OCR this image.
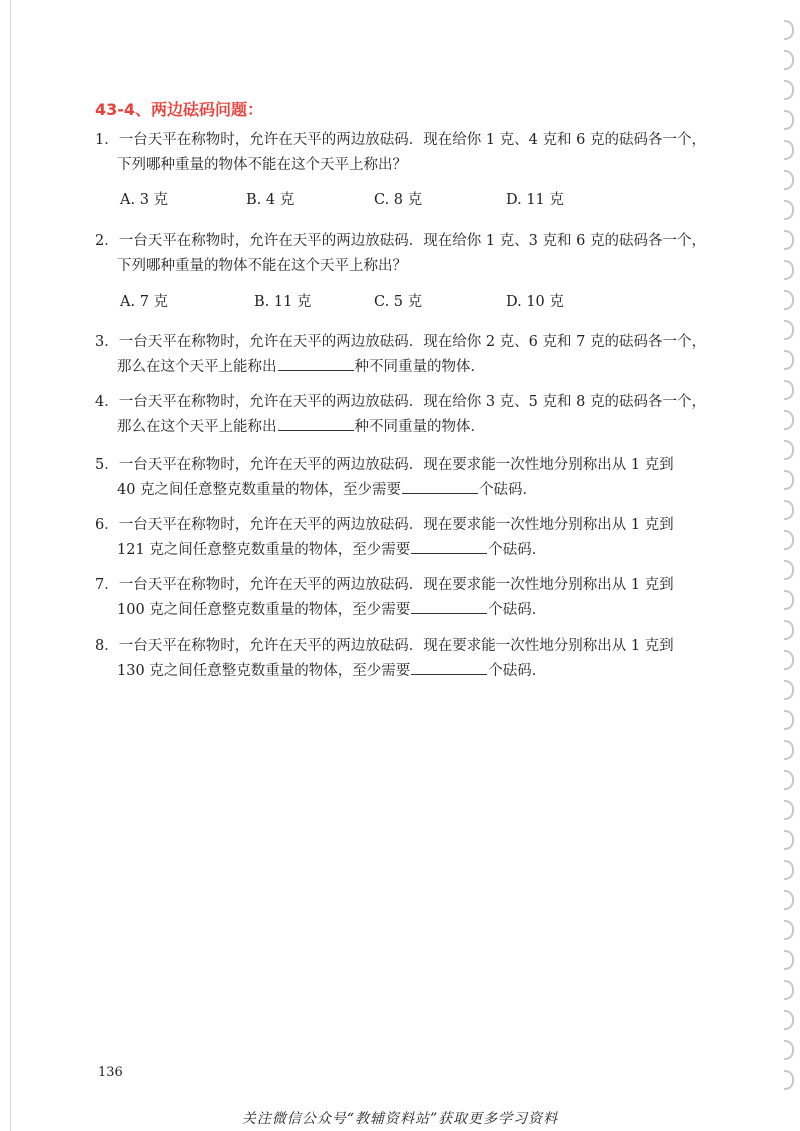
43-4、两边砝码问题：
1．一台天平在称物时，允许在天平的两边放砝码．现在给你 1 克、4 克和 6 克的砝码各一个，
下列哪种重量的物体不能在这个天平上称出？
A. 3 克	B. 4 克	C. 8 克	D. 11 克
2．一台天平在称物时，允许在天平的两边放砝码．现在给你 1 克、3 克和 6 克的砝码各一个，
下列哪种重量的物体不能在这个天平上称出？
A. 7 克	B. 11 克	C. 5 克	D. 10 克
3．一台天平在称物时，允许在天平的两边放砝码．现在给你 2 克、6 克和 7 克的砝码各一个，
那么在这个天平上能称出	种不同重量的物体．
4．一台天平在称物时，允许在天平的两边放砝码．现在给你 3 克、5 克和 8 克的砝码各一个，
那么在这个天平上能称出	种不同重量的物体．
5．一台天平在称物时，允许在天平的两边放砝码．现在要求能一次性地分别称出从 1 克到
40 克之间任意整克数重量的物体，至少需要	个砝码．
6．一台天平在称物时，允许在天平的两边放砝码．现在要求能一次性地分别称出从 1 克到
121 克之间任意整克数重量的物体，至少需要	个砝码．
7．一台天平在称物时，允许在天平的两边放砝码．现在要求能一次性地分别称出从 1 克到
100 克之间任意整克数重量的物体，至少需要	个砝码．
8．一台天平在称物时，允许在天平的两边放砝码．现在要求能一次性地分别称出从 1 克到
130 克之间任意整克数重量的物体，至少需要	个砝码．
136
关注微信公众号“教辅资料站”获取更多学习资料
